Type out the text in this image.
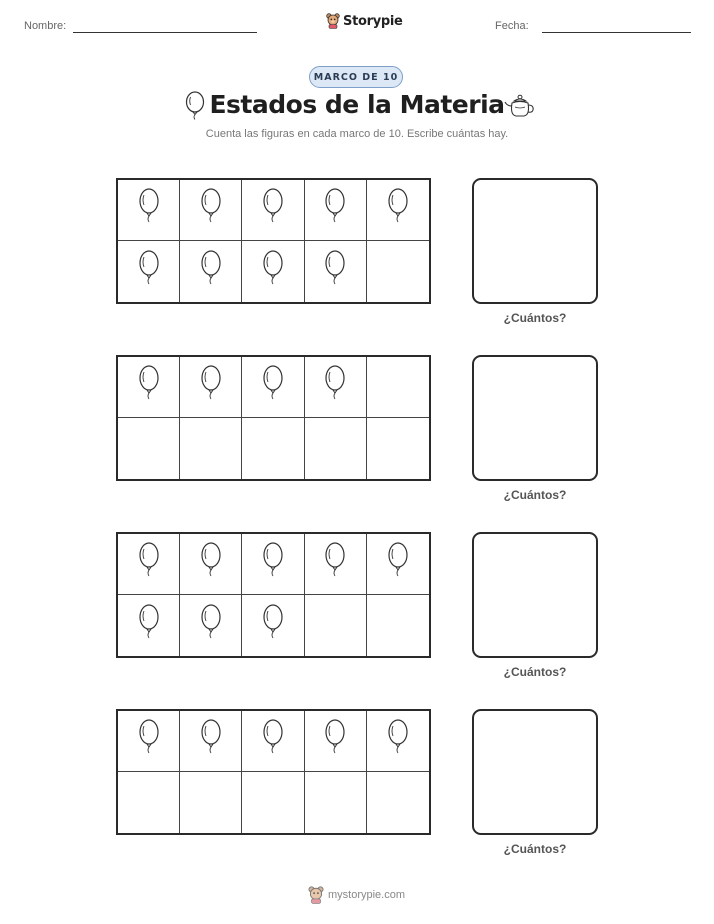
Nombre:	Storypie	Fecha:
MARCO DE 10
Estados de la Materia
Cuenta las figuras en cada marco de 10. Escribe cuántas hay.
¿Cuántos?
¿Cuántos?
¿Cuántos?
¿Cuántos?
mystorypie.com
